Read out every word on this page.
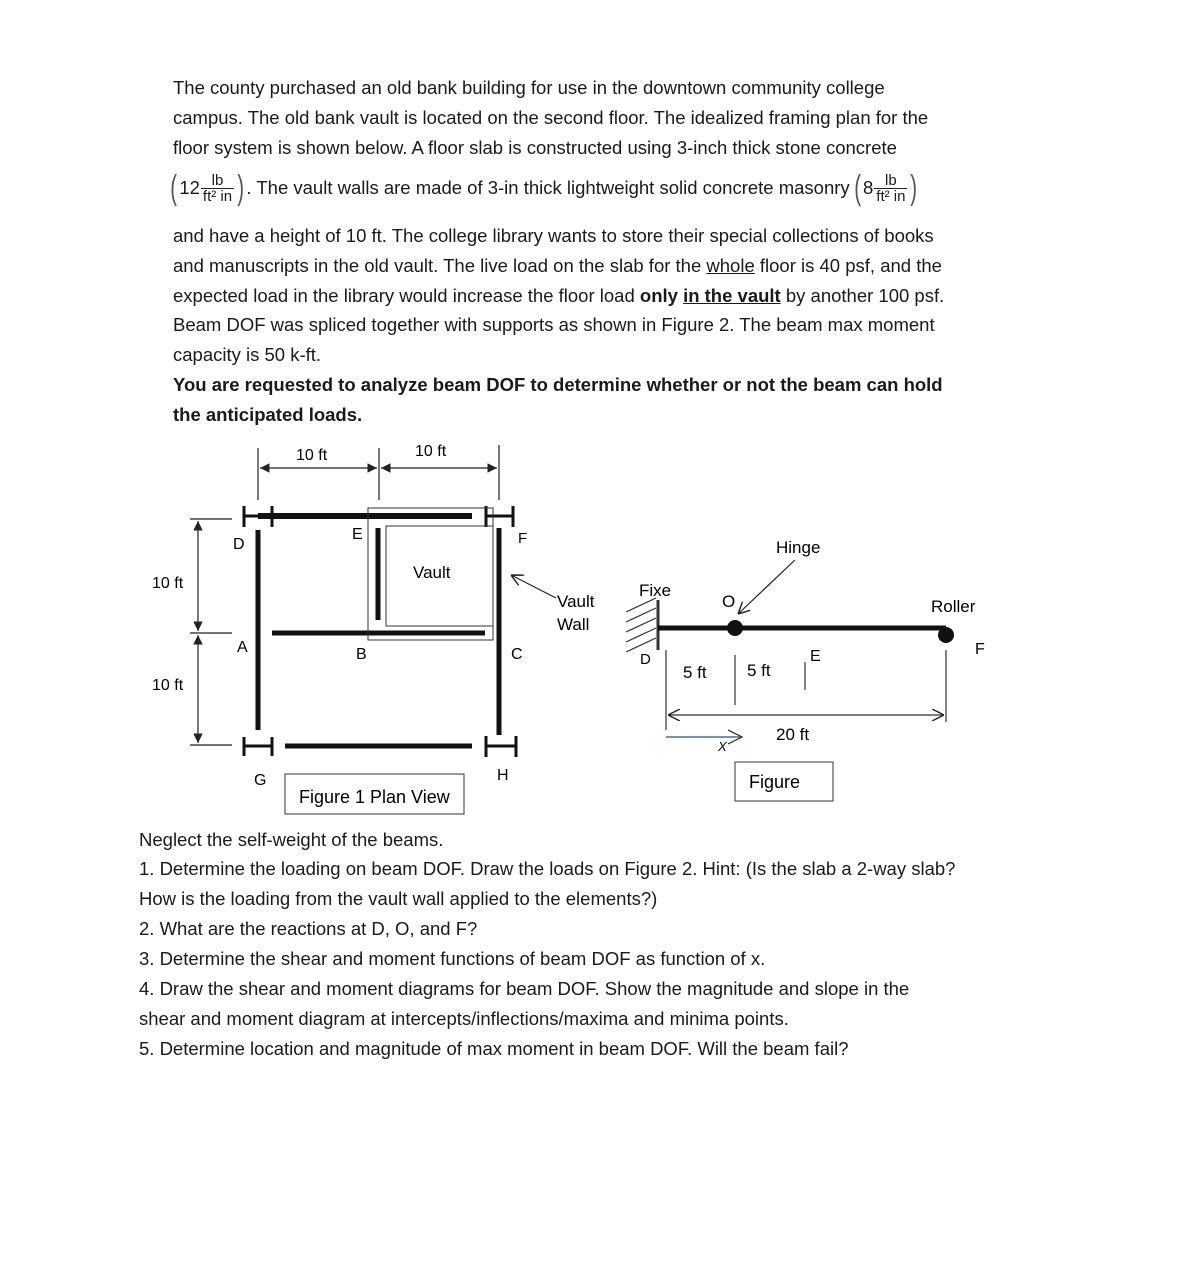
The county purchased an old bank building for use in the downtown community college
campus. The old bank vault is located on the second floor. The idealized framing plan for the
floor system is shown below. A floor slab is constructed using 3-inch thick stone concrete
( $12 \frac{lb}{\text{ft² in}}$ ) . The vault walls are made of 3-in thick lightweight solid concrete masonry ( $8 \frac{lb}{\text{ft² in}}$ )
and have a height of 10 ft. The college library wants to store their special collections of books
and manuscripts in the old vault. The live load on the slab for the whole floor is 40 psf, and the
expected load in the library would increase the floor load only in the vault by another 100 psf.
Beam DOF was spliced together with supports as shown in Figure 2. The beam max moment
capacity is 50 k-ft.
You are requested to analyze beam DOF to determine whether or not the beam can hold
the anticipated loads.
10 ft	10 ft
10 ft
10 ft
Vault
D
E	F
A	B	C
G	H
Vault
Wall
Figure 1 Plan View
Fixe
D
Hinge
O	Roller
F
E
5 ft 5 ft
20 ft
X
Figure
Neglect the self-weight of the beams.
1. Determine the loading on beam DOF. Draw the loads on Figure 2. Hint: (Is the slab a 2-way slab?
How is the loading from the vault wall applied to the elements?)
2. What are the reactions at D, O, and F?
3. Determine the shear and moment functions of beam DOF as function of x.
4. Draw the shear and moment diagrams for beam DOF. Show the magnitude and slope in the
shear and moment diagram at intercepts/inflections/maxima and minima points.
5. Determine location and magnitude of max moment in beam DOF. Will the beam fail?
